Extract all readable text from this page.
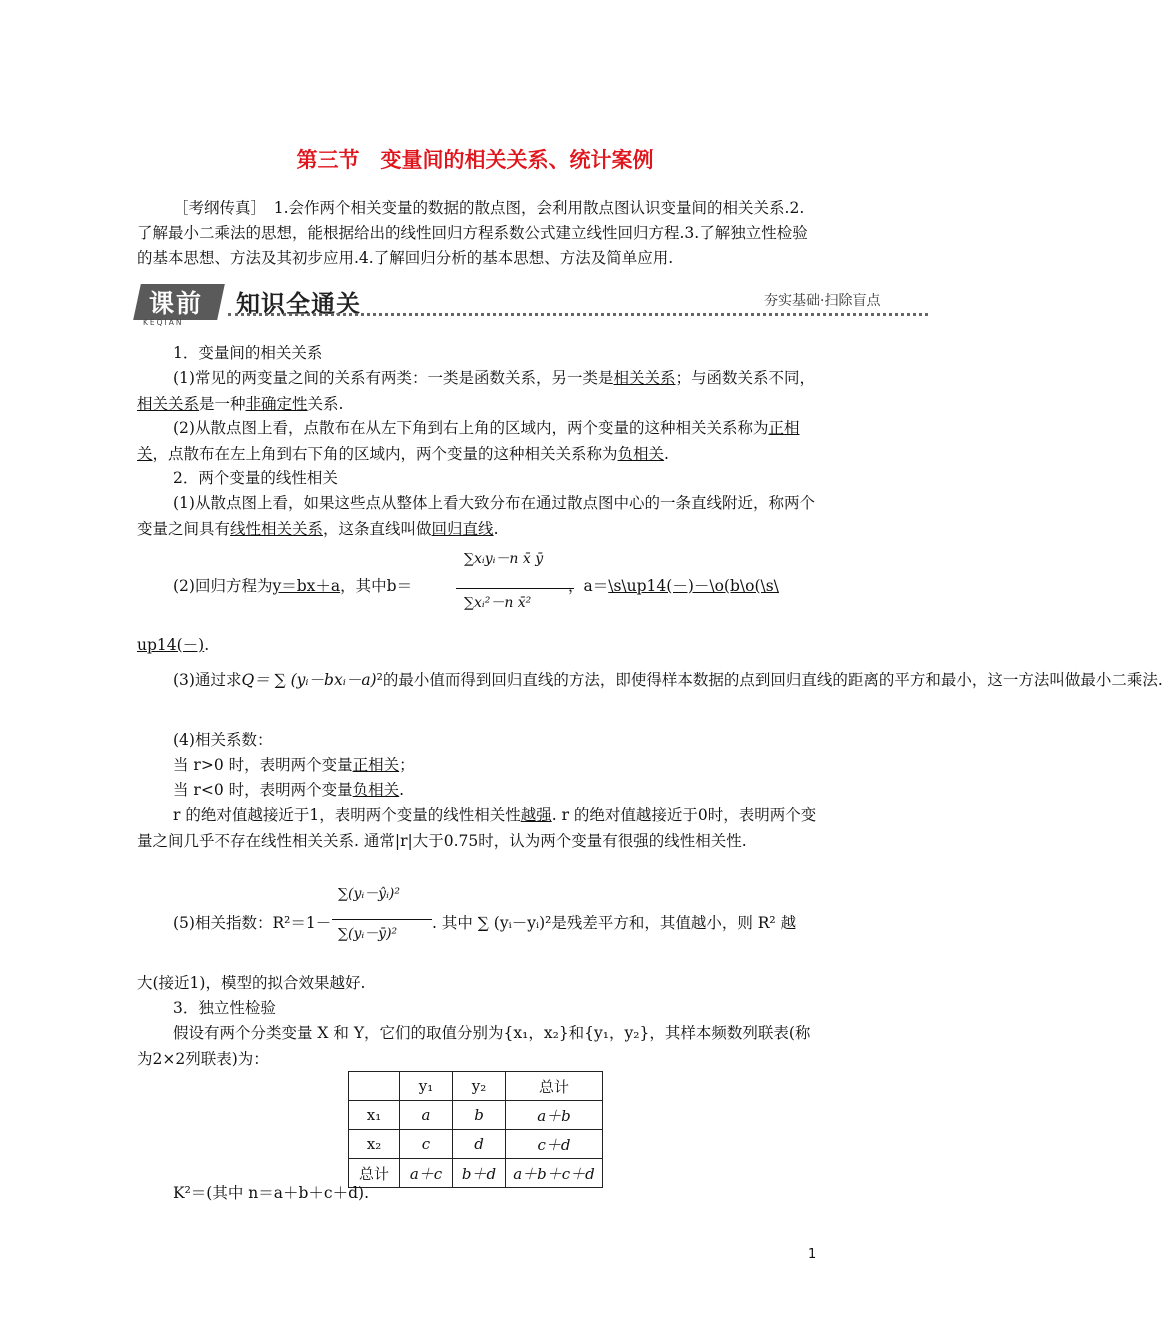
第三节　变量间的相关关系、统计案例
［考纲传真］　1.会作两个相关变量的数据的散点图，会利用散点图认识变量间的相关关系.2.了解最小二乘法的思想，能根据给出的线性回归方程系数公式建立线性回归方程.3.了解独立性检验的基本思想、方法及其初步应用.4.了解回归分析的基本思想、方法及简单应用.
课前
KEQIAN
知识全通关	夯实基础·扫除盲点
1．变量间的相关关系
(1)常见的两变量之间的关系有两类：一类是函数关系，另一类是相关关系；与函数关系不同，相关关系是一种非确定性关系.
(2)从散点图上看，点散布在从左下角到右上角的区域内，两个变量的这种相关关系称为正相关，点散布在左上角到右下角的区域内，两个变量的这种相关关系称为负相关.
2．两个变量的线性相关
(1)从散点图上看，如果这些点从整体上看大致分布在通过散点图中心的一条直线附近，称两个变量之间具有线性相关关系，这条直线叫做回归直线.
(2)回归方程为y＝bx＋a，其中b＝
∑xᵢyᵢ－n x̄ ȳ
∑xᵢ²－n x̄²
，a＝\s\up14(－)－\o(b\o(\s\
up14(－).
(3)通过求Q＝ ∑ (yᵢ－bxᵢ－a)²的最小值而得到回归直线的方法，即使得样本数据的点到回归直线的距离的平方和最小，这一方法叫做最小二乘法.
(4)相关系数：
当 r>0 时，表明两个变量正相关；
当 r<0 时，表明两个变量负相关.
r 的绝对值越接近于1，表明两个变量的线性相关性越强. r 的绝对值越接近于0时，表明两个变量之间几乎不存在线性相关关系. 通常|r|大于0.75时，认为两个变量有很强的线性相关性.
(5)相关指数：R²＝1－
∑(yᵢ－ŷᵢ)²
∑(yᵢ－ȳ)²
. 其中 ∑ (yᵢ－yᵢ)²是残差平方和，其值越小，则 R² 越
大(接近1)，模型的拟合效果越好.
3．独立性检验
假设有两个分类变量 X 和 Y，它们的取值分别为{x₁，x₂}和{y₁，y₂}，其样本频数列联表(称为2×2列联表)为：
	y₁	y₂	总计
x₁	a	b	a＋b
x₂	c	d	c＋d
总计	a＋c	b＋d	a＋b＋c＋d
K²＝(其中 n＝a＋b＋c＋d).
1
